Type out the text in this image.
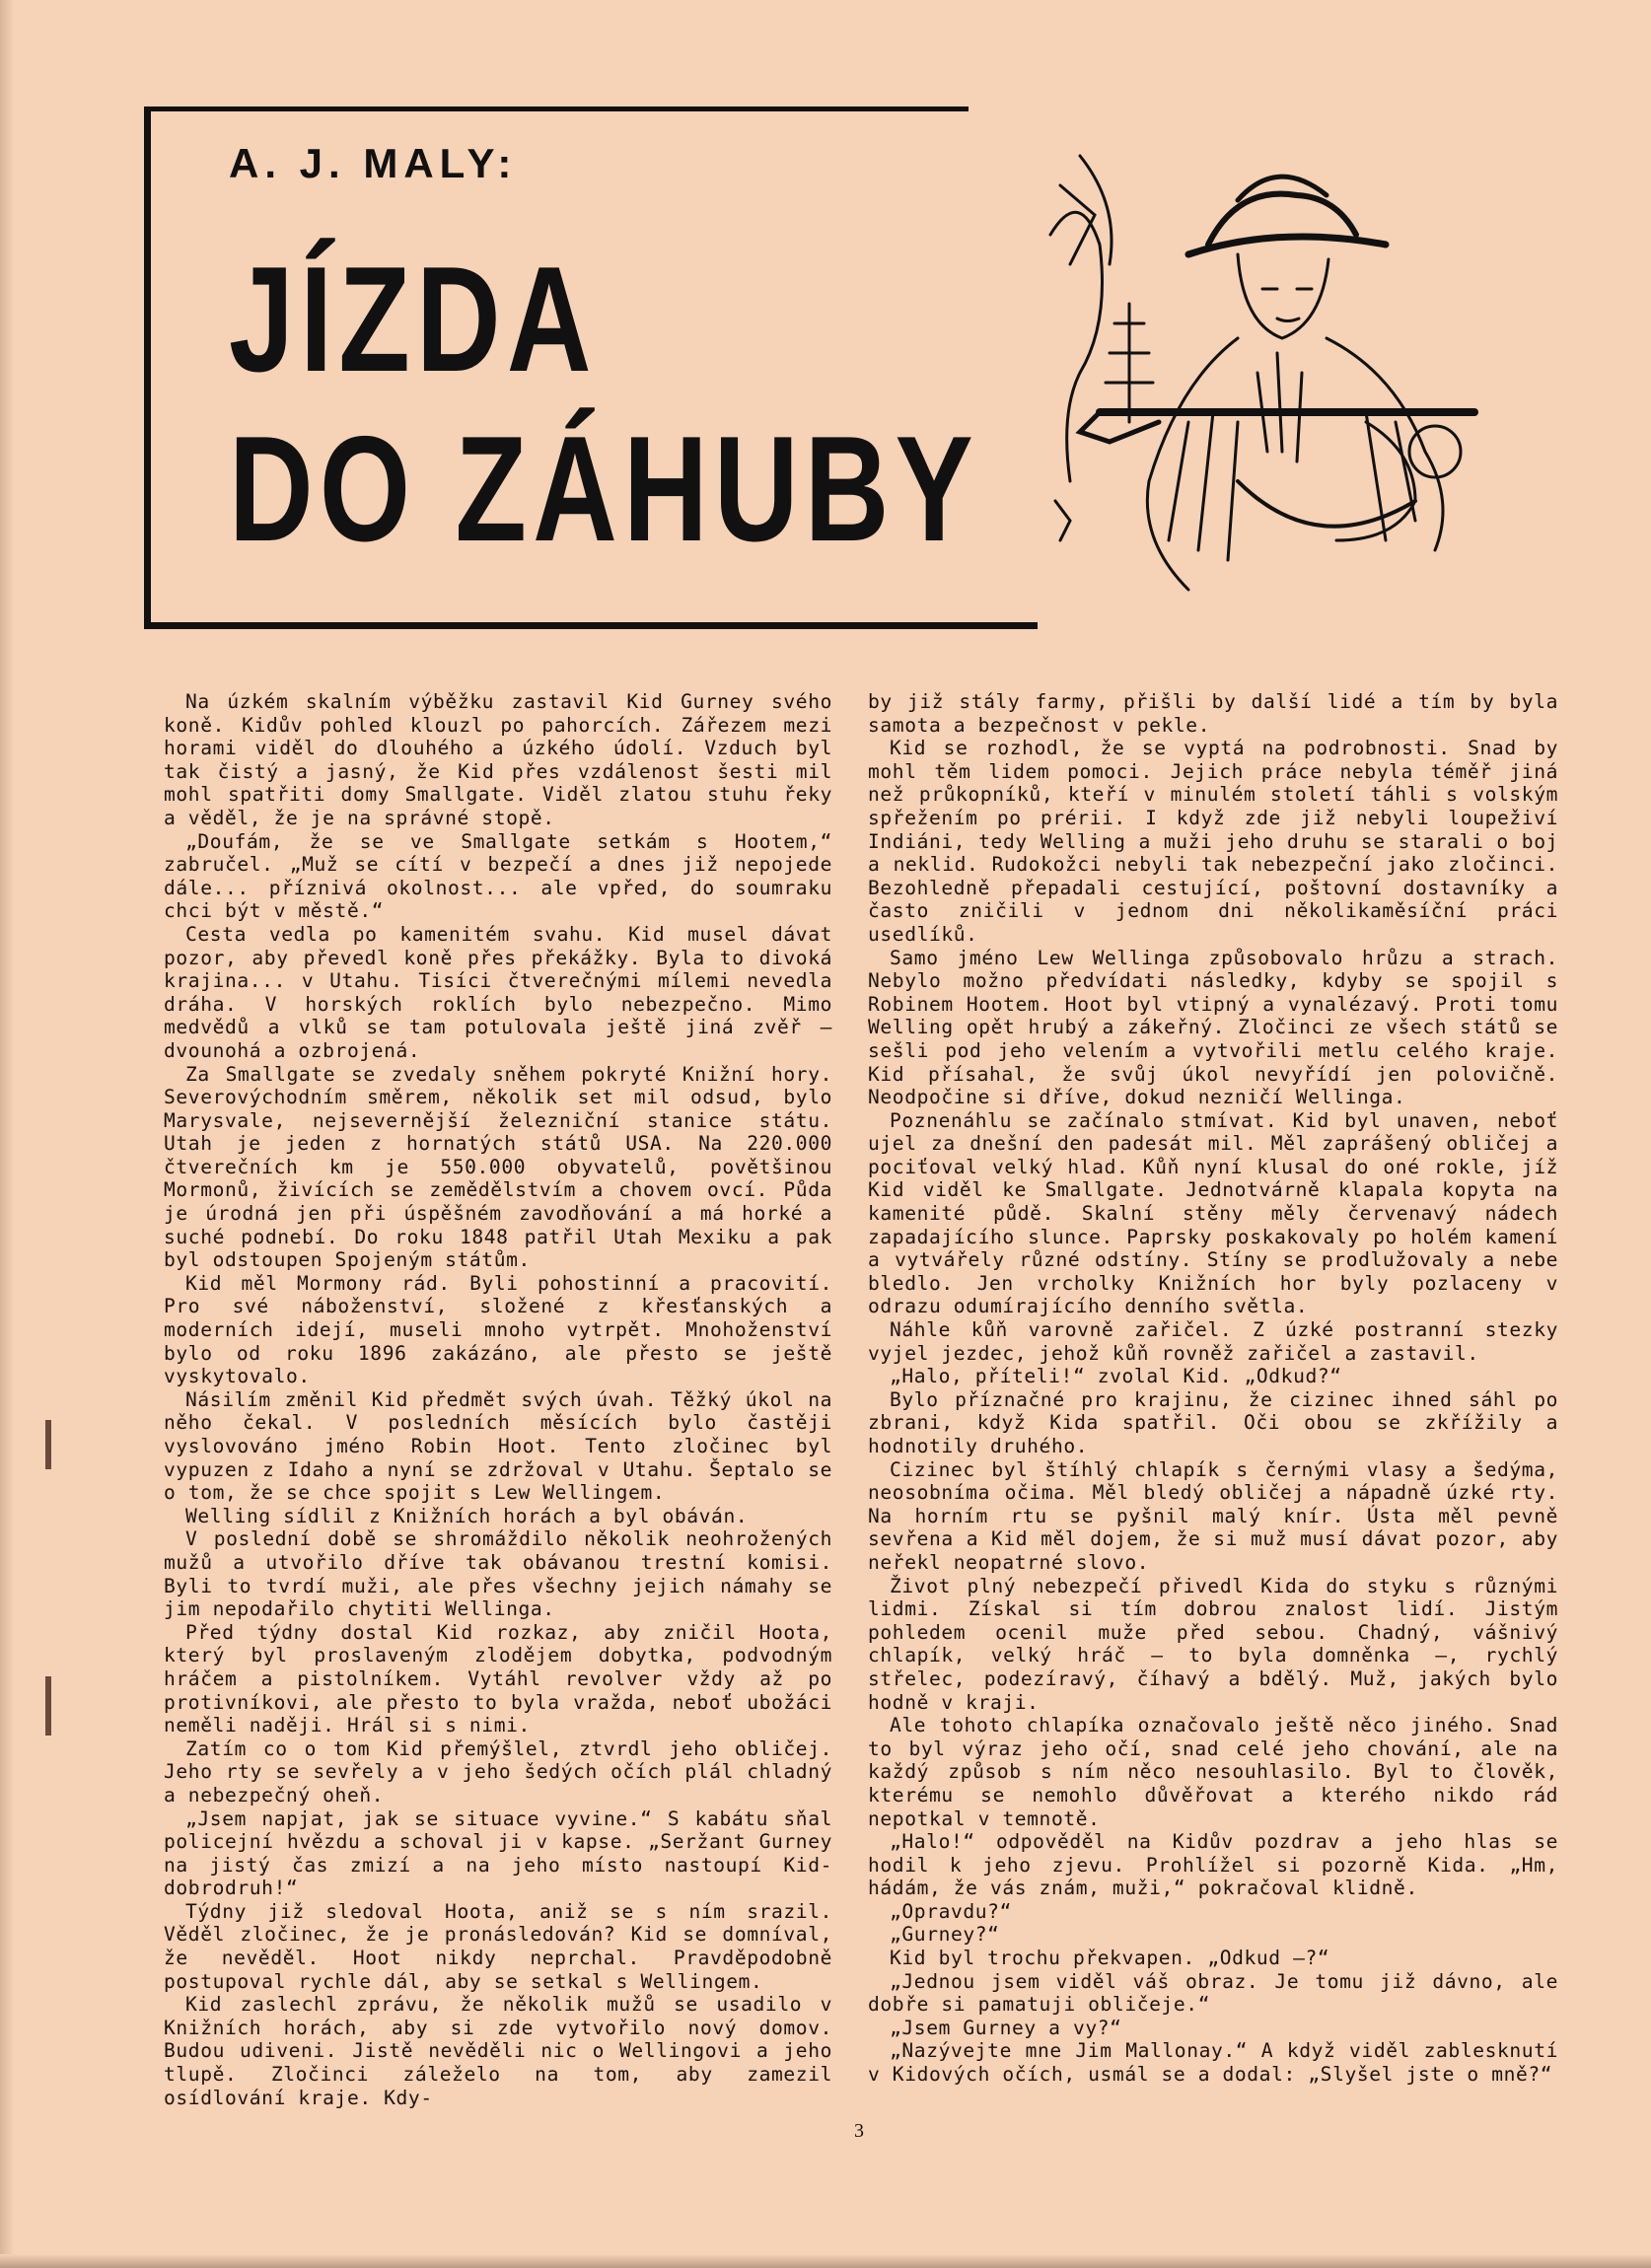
A. J. MALY:
JÍZDA
DO ZÁHUBY

Na úzkém skalním výběžku zastavil Kid Gurney svého koně. Kidův pohled klouzl po pahorcích. Zářezem mezi horami viděl do dlouhého a úzkého údolí. Vzduch byl tak čistý a jasný, že Kid přes vzdálenost šesti mil mohl spatřiti domy Smallgate. Viděl zlatou stuhu řeky a věděl, že je na správné stopě.

„Doufám, že se ve Smallgate setkám s Hootem,“ zabručel. „Muž se cítí v bezpečí a dnes již nepojede dále... příznivá okolnost... ale vpřed, do soumraku chci být v městě.“

Cesta vedla po kamenitém svahu. Kid musel dávat pozor, aby převedl koně přes překážky. Byla to divoká krajina... v Utahu. Tisíci čtverečnými mílemi nevedla dráha. V horských roklích bylo nebezpečno. Mimo medvědů a vlků se tam potulovala ještě jiná zvěř — dvounohá a ozbrojená.

Za Smallgate se zvedaly sněhem pokryté Knižní hory. Severovýchodním směrem, několik set mil odsud, bylo Marysvale, nejsevernější železniční stanice státu. Utah je jeden z hornatých států USA. Na 220.000 čtverečních km je 550.000 obyvatelů, povětšinou Mormonů, živících se zemědělstvím a chovem ovcí. Půda je úrodná jen při úspěšném zavodňování a má horké a suché podnebí. Do roku 1848 patřil Utah Mexiku a pak byl odstoupen Spojeným státům.

Kid měl Mormony rád. Byli pohostinní a pracovití. Pro své náboženství, složené z křesťanských a moderních idejí, museli mnoho vytrpět. Mnohoženství bylo od roku 1896 zakázáno, ale přesto se ještě vyskytovalo.

Násilím změnil Kid předmět svých úvah. Těžký úkol na něho čekal. V posledních měsících bylo častěji vyslovováno jméno Robin Hoot. Tento zločinec byl vypuzen z Idaho a nyní se zdržoval v Utahu. Šeptalo se o tom, že se chce spojit s Lew Wellingem.

Welling sídlil z Knižních horách a byl obáván.

V poslední době se shromáždilo několik neohrožených mužů a utvořilo dříve tak obávanou trestní komisi. Byli to tvrdí muži, ale přes všechny jejich námahy se jim nepodařilo chytiti Wellinga.

Před týdny dostal Kid rozkaz, aby zničil Hoota, který byl proslaveným zlodějem dobytka, podvodným hráčem a pistolníkem. Vytáhl revolver vždy až po protivníkovi, ale přesto to byla vražda, neboť ubožáci neměli naději. Hrál si s nimi.

Zatím co o tom Kid přemýšlel, ztvrdl jeho obličej. Jeho rty se sevřely a v jeho šedých očích plál chladný a nebezpečný oheň.

„Jsem napjat, jak se situace vyvine.“ S kabátu sňal policejní hvězdu a schoval ji v kapse. „Seržant Gurney na jistý čas zmizí a na jeho místo nastoupí Kid-dobrodruh!“

Týdny již sledoval Hoota, aniž se s ním srazil. Věděl zločinec, že je pronásledován? Kid se domníval, že nevěděl. Hoot nikdy neprchal. Pravděpodobně postupoval rychle dál, aby se setkal s Wellingem.

Kid zaslechl zprávu, že několik mužů se usadilo v Knižních horách, aby si zde vytvořilo nový domov. Budou udiveni. Jistě nevěděli nic o Wellingovi a jeho tlupě. Zločinci záleželo na tom, aby zamezil osídlování kraje. Kdy-

by již stály farmy, přišli by další lidé a tím by byla samota a bezpečnost v pekle.

Kid se rozhodl, že se vyptá na podrobnosti. Snad by mohl těm lidem pomoci. Jejich práce nebyla téměř jiná než průkopníků, kteří v minulém století táhli s volským spřežením po prérii. I když zde již nebyli loupeživí Indiáni, tedy Welling a muži jeho druhu se starali o boj a neklid. Rudokožci nebyli tak nebezpeční jako zločinci. Bezohledně přepadali cestující, poštovní dostavníky a často zničili v jednom dni několikaměsíční práci usedlíků.

Samo jméno Lew Wellinga způsobovalo hrůzu a strach. Nebylo možno předvídati následky, kdyby se spojil s Robinem Hootem. Hoot byl vtipný a vynalézavý. Proti tomu Welling opět hrubý a zákeřný. Zločinci ze všech států se sešli pod jeho velením a vytvořili metlu celého kraje. Kid přísahal, že svůj úkol nevyřídí jen polovičně. Neodpočine si dříve, dokud nezničí Wellinga.

Poznenáhlu se začínalo stmívat. Kid byl unaven, neboť ujel za dnešní den padesát mil. Měl zaprášený obličej a pociťoval velký hlad. Kůň nyní klusal do oné rokle, jíž Kid viděl ke Smallgate. Jednotvárně klapala kopyta na kamenité půdě. Skalní stěny měly červenavý nádech zapadajícího slunce. Paprsky poskakovaly po holém kamení a vytvářely různé odstíny. Stíny se prodlužovaly a nebe bledlo. Jen vrcholky Knižních hor byly pozlaceny v odrazu odumírajícího denního světla.

Náhle kůň varovně zařičel. Z úzké postranní stezky vyjel jezdec, jehož kůň rovněž zařičel a zastavil.

„Halo, příteli!“ zvolal Kid. „Odkud?“

Bylo příznačné pro krajinu, že cizinec ihned sáhl po zbrani, když Kida spatřil. Oči obou se zkřížily a hodnotily druhého.

Cizinec byl štíhlý chlapík s černými vlasy a šedýma, neosobníma očima. Měl bledý obličej a nápadně úzké rty. Na horním rtu se pyšnil malý knír. Ústa měl pevně sevřena a Kid měl dojem, že si muž musí dávat pozor, aby neřekl neopatrné slovo.

Život plný nebezpečí přivedl Kida do styku s různými lidmi. Získal si tím dobrou znalost lidí. Jistým pohledem ocenil muže před sebou. Chadný, vášnivý chlapík, velký hráč — to byla domněnka —, rychlý střelec, podezíravý, číhavý a bdělý. Muž, jakých bylo hodně v kraji.

Ale tohoto chlapíka označovalo ještě něco jiného. Snad to byl výraz jeho očí, snad celé jeho chování, ale na každý způsob s ním něco nesouhlasilo. Byl to člověk, kterému se nemohlo důvěřovat a kterého nikdo rád nepotkal v temnotě.

„Halo!“ odpověděl na Kidův pozdrav a jeho hlas se hodil k jeho zjevu. Prohlížel si pozorně Kida. „Hm, hádám, že vás znám, muži,“ pokračoval klidně.

„Opravdu?“

„Gurney?“

Kid byl trochu překvapen. „Odkud —?“

„Jednou jsem viděl váš obraz. Je tomu již dávno, ale dobře si pamatuji obličeje.“

„Jsem Gurney a vy?“

„Nazývejte mne Jim Mallonay.“ A když viděl zablesknutí v Kidových očích, usmál se a dodal: „Slyšel jste o mně?“

3
